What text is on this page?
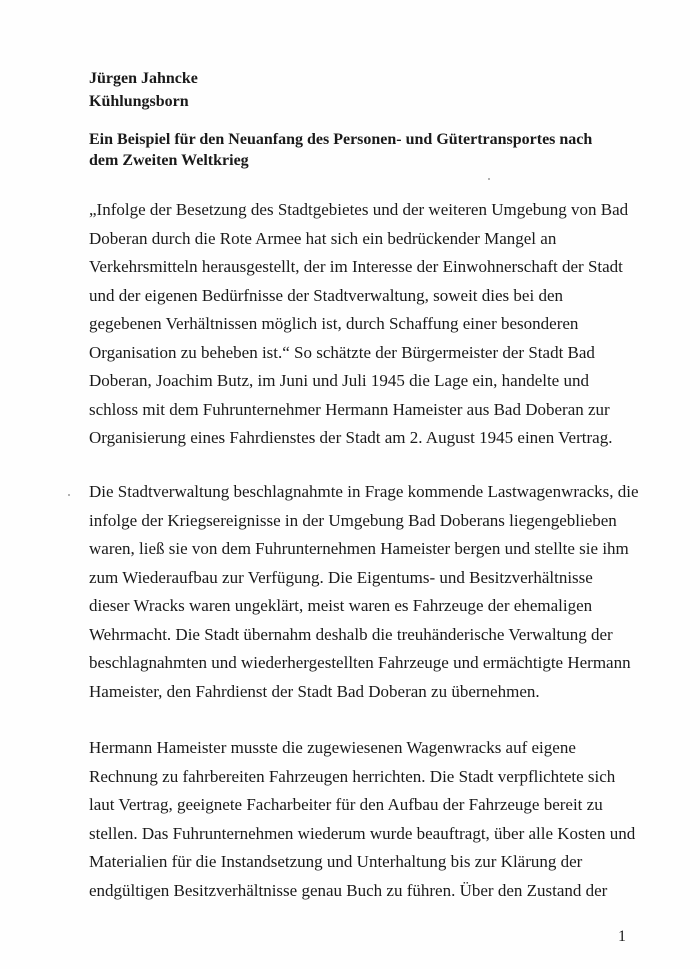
Jürgen Jahncke
Kühlungsborn
Ein Beispiel für den Neuanfang des Personen- und Gütertransportes nach
dem Zweiten Weltkrieg
„Infolge der Besetzung des Stadtgebietes und der weiteren Umgebung von Bad
Doberan durch die Rote Armee hat sich ein bedrückender Mangel an
Verkehrsmitteln herausgestellt, der im Interesse der Einwohnerschaft der Stadt
und der eigenen Bedürfnisse der Stadtverwaltung, soweit dies bei den
gegebenen Verhältnissen möglich ist, durch Schaffung einer besonderen
Organisation zu beheben ist.“ So schätzte der Bürgermeister der Stadt Bad
Doberan, Joachim Butz, im Juni und Juli 1945 die Lage ein, handelte und
schloss mit dem Fuhrunternehmer Hermann Hameister aus Bad Doberan zur
Organisierung eines Fahrdienstes der Stadt am 2. August 1945 einen Vertrag.
Die Stadtverwaltung beschlagnahmte in Frage kommende Lastwagenwracks, die
infolge der Kriegsereignisse in der Umgebung Bad Doberans liegengeblieben
waren, ließ sie von dem Fuhrunternehmen Hameister bergen und stellte sie ihm
zum Wiederaufbau zur Verfügung. Die Eigentums- und Besitzverhältnisse
dieser Wracks waren ungeklärt, meist waren es Fahrzeuge der ehemaligen
Wehrmacht. Die Stadt übernahm deshalb die treuhänderische Verwaltung der
beschlagnahmten und wiederhergestellten Fahrzeuge und ermächtigte Hermann
Hameister, den Fahrdienst der Stadt Bad Doberan zu übernehmen.
Hermann Hameister musste die zugewiesenen Wagenwracks auf eigene
Rechnung zu fahrbereiten Fahrzeugen herrichten. Die Stadt verpflichtete sich
laut Vertrag, geeignete Facharbeiter für den Aufbau der Fahrzeuge bereit zu
stellen. Das Fuhrunternehmen wiederum wurde beauftragt, über alle Kosten und
Materialien für die Instandsetzung und Unterhaltung bis zur Klärung der
endgültigen Besitzverhältnisse genau Buch zu führen. Über den Zustand der
1
